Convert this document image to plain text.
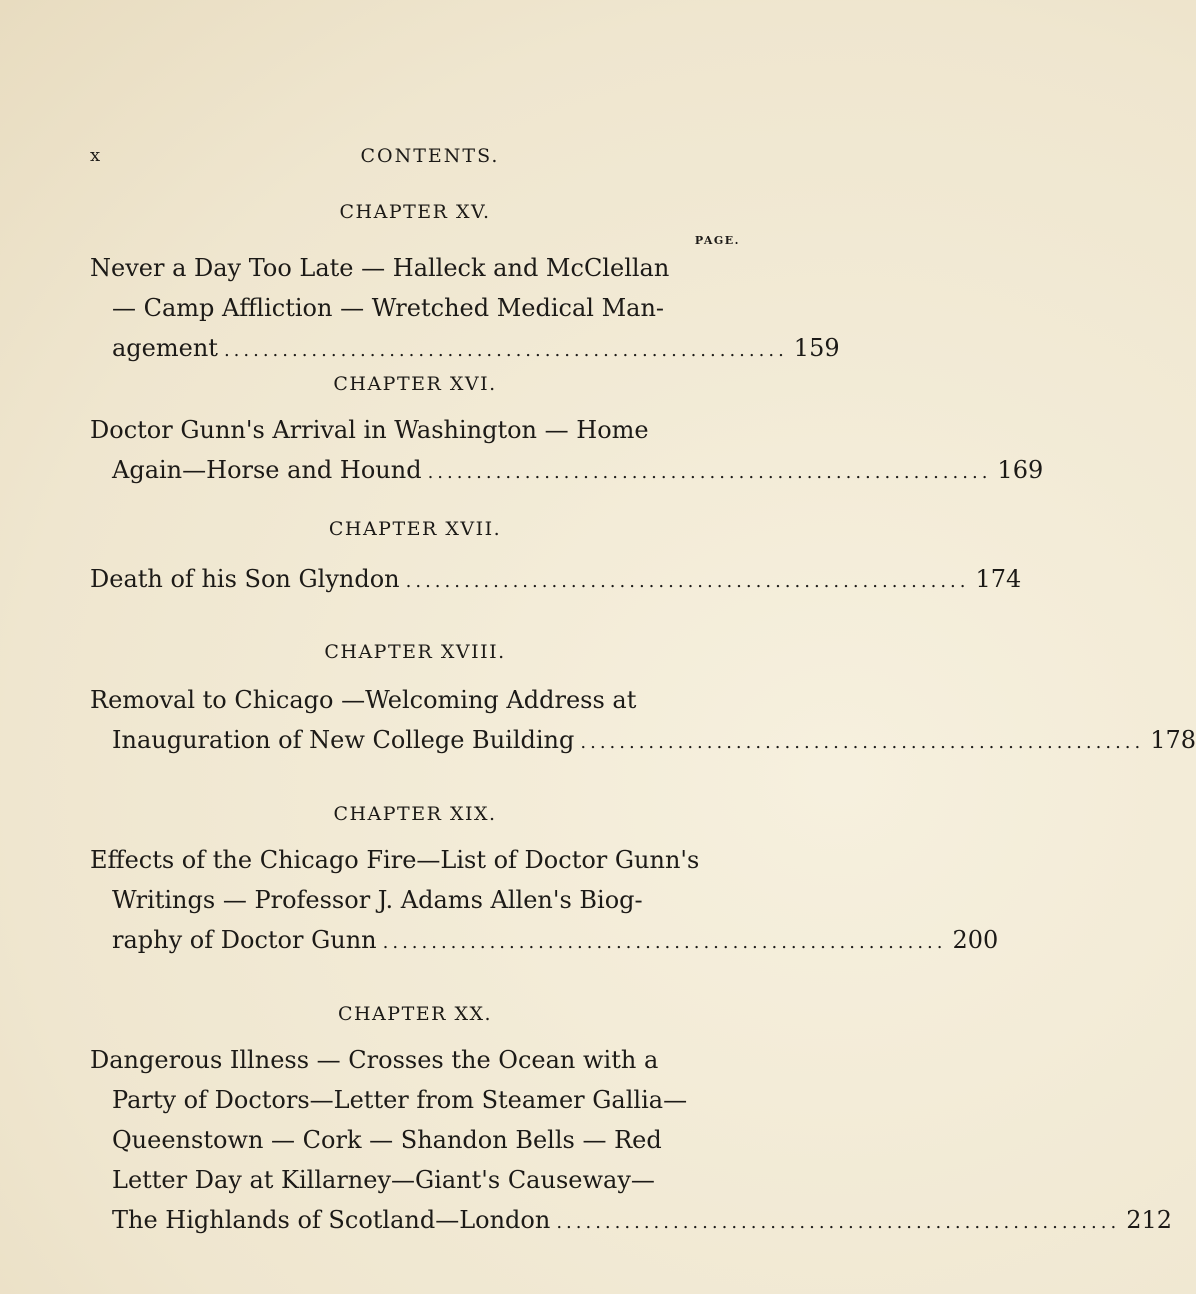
x	CONTENTS.
CHAPTER XV.
PAGE.
Never a Day Too Late — Halleck and McClellan
— Camp Affliction — Wretched Medical Man-
agement .......................................................... 159
CHAPTER XVI.
Doctor Gunn's Arrival in Washington — Home
Again—Horse and Hound .......................................................... 169
CHAPTER XVII.
Death of his Son Glyndon .......................................................... 174
CHAPTER XVIII.
Removal to Chicago —Welcoming Address at
Inauguration of New College Building .......................................................... 178
CHAPTER XIX.
Effects of the Chicago Fire—List of Doctor Gunn's
Writings — Professor J. Adams Allen's Biog-
raphy of Doctor Gunn .......................................................... 200
CHAPTER XX.
Dangerous Illness — Crosses the Ocean with a
Party of Doctors—Letter from Steamer Gallia—
Queenstown — Cork — Shandon Bells — Red
Letter Day at Killarney—Giant's Causeway—
The Highlands of Scotland—London .......................................................... 212
